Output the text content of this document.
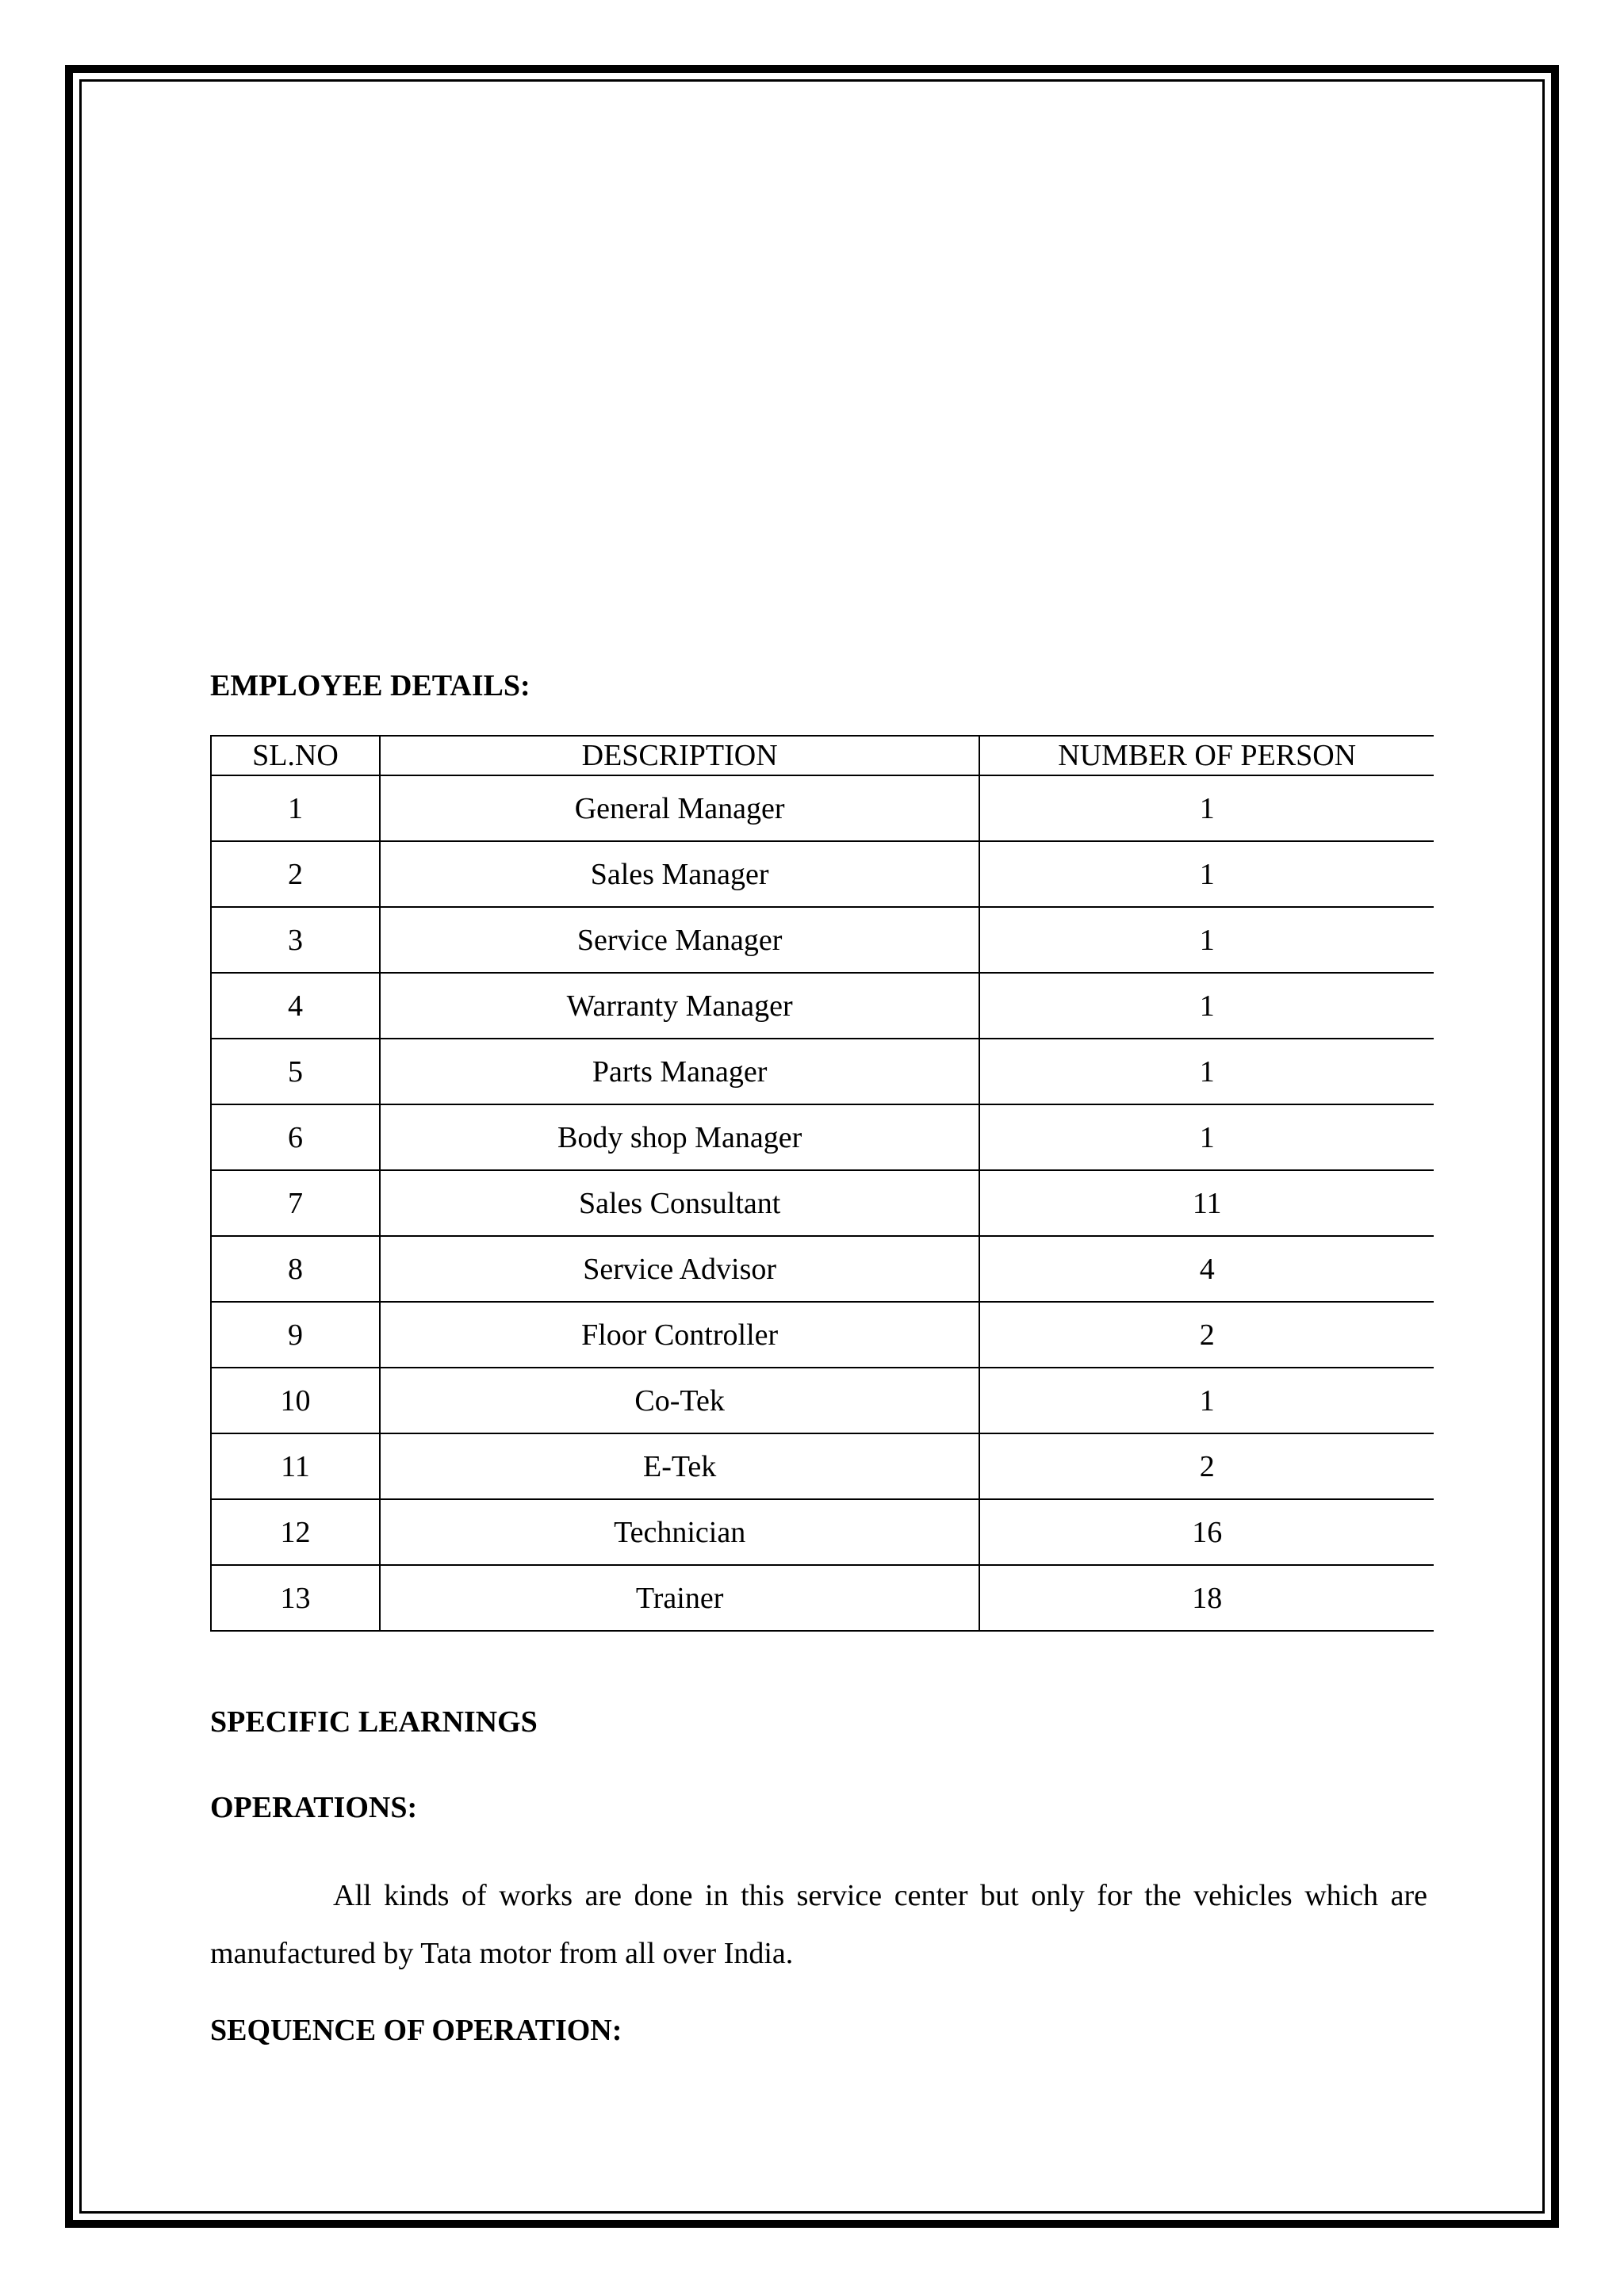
EMPLOYEE DETAILS:
SL.NO	DESCRIPTION	NUMBER OF PERSON
1	General Manager	1
2	Sales Manager	1
3	Service Manager	1
4	Warranty Manager	1
5	Parts Manager	1
6	Body shop Manager	1
7	Sales Consultant	11
8	Service Advisor	4
9	Floor Controller	2
10	Co-Tek	1
11	E-Tek	2
12	Technician	16
13	Trainer	18
SPECIFIC LEARNINGS
OPERATIONS:

All kinds of works are done in this service center but only for the vehicles which are manufactured by Tata motor from all over India.

SEQUENCE OF OPERATION:
